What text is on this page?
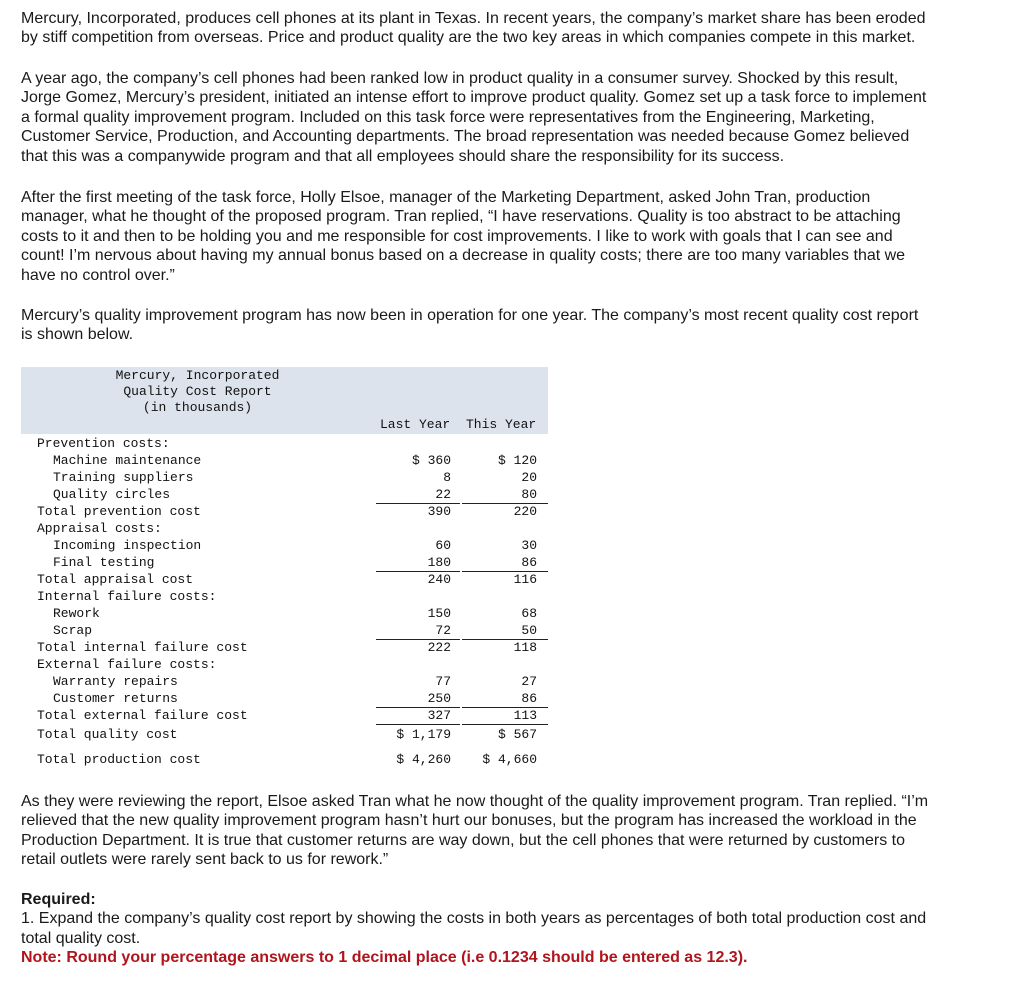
Mercury, Incorporated, produces cell phones at its plant in Texas. In recent years, the company’s market share has been eroded
by stiff competition from overseas. Price and product quality are the two key areas in which companies compete in this market.
A year ago, the company’s cell phones had been ranked low in product quality in a consumer survey. Shocked by this result,
Jorge Gomez, Mercury’s president, initiated an intense effort to improve product quality. Gomez set up a task force to implement
a formal quality improvement program. Included on this task force were representatives from the Engineering, Marketing,
Customer Service, Production, and Accounting departments. The broad representation was needed because Gomez believed
that this was a companywide program and that all employees should share the responsibility for its success.
After the first meeting of the task force, Holly Elsoe, manager of the Marketing Department, asked John Tran, production
manager, what he thought of the proposed program. Tran replied, “I have reservations. Quality is too abstract to be attaching
costs to it and then to be holding you and me responsible for cost improvements. I like to work with goals that I can see and
count! I’m nervous about having my annual bonus based on a decrease in quality costs; there are too many variables that we
have no control over.”
Mercury’s quality improvement program has now been in operation for one year. The company’s most recent quality cost report
is shown below.
Mercury, Incorporated
Quality Cost Report
(in thousands)
Last Year This Year
Prevention costs:
Machine maintenance	$ 360	$ 120
Training suppliers	8	20
Quality circles	22	80
Total prevention cost	390	220
Appraisal costs:
Incoming inspection	60	30
Final testing	180	86
Total appraisal cost	240	116
Internal failure costs:
Rework	150	68
Scrap	72	50
Total internal failure cost	222	118
External failure costs:
Warranty repairs	77	27
Customer returns	250	86
Total external failure cost	327	113
Total quality cost	$ 1,179	$ 567
Total production cost	$ 4,260 $ 4,660
As they were reviewing the report, Elsoe asked Tran what he now thought of the quality improvement program. Tran replied. “I’m
relieved that the new quality improvement program hasn’t hurt our bonuses, but the program has increased the workload in the
Production Department. It is true that customer returns are way down, but the cell phones that were returned by customers to
retail outlets were rarely sent back to us for rework.”
Required:
1. Expand the company’s quality cost report by showing the costs in both years as percentages of both total production cost and
total quality cost.
Note: Round your percentage answers to 1 decimal place (i.e 0.1234 should be entered as 12.3).
